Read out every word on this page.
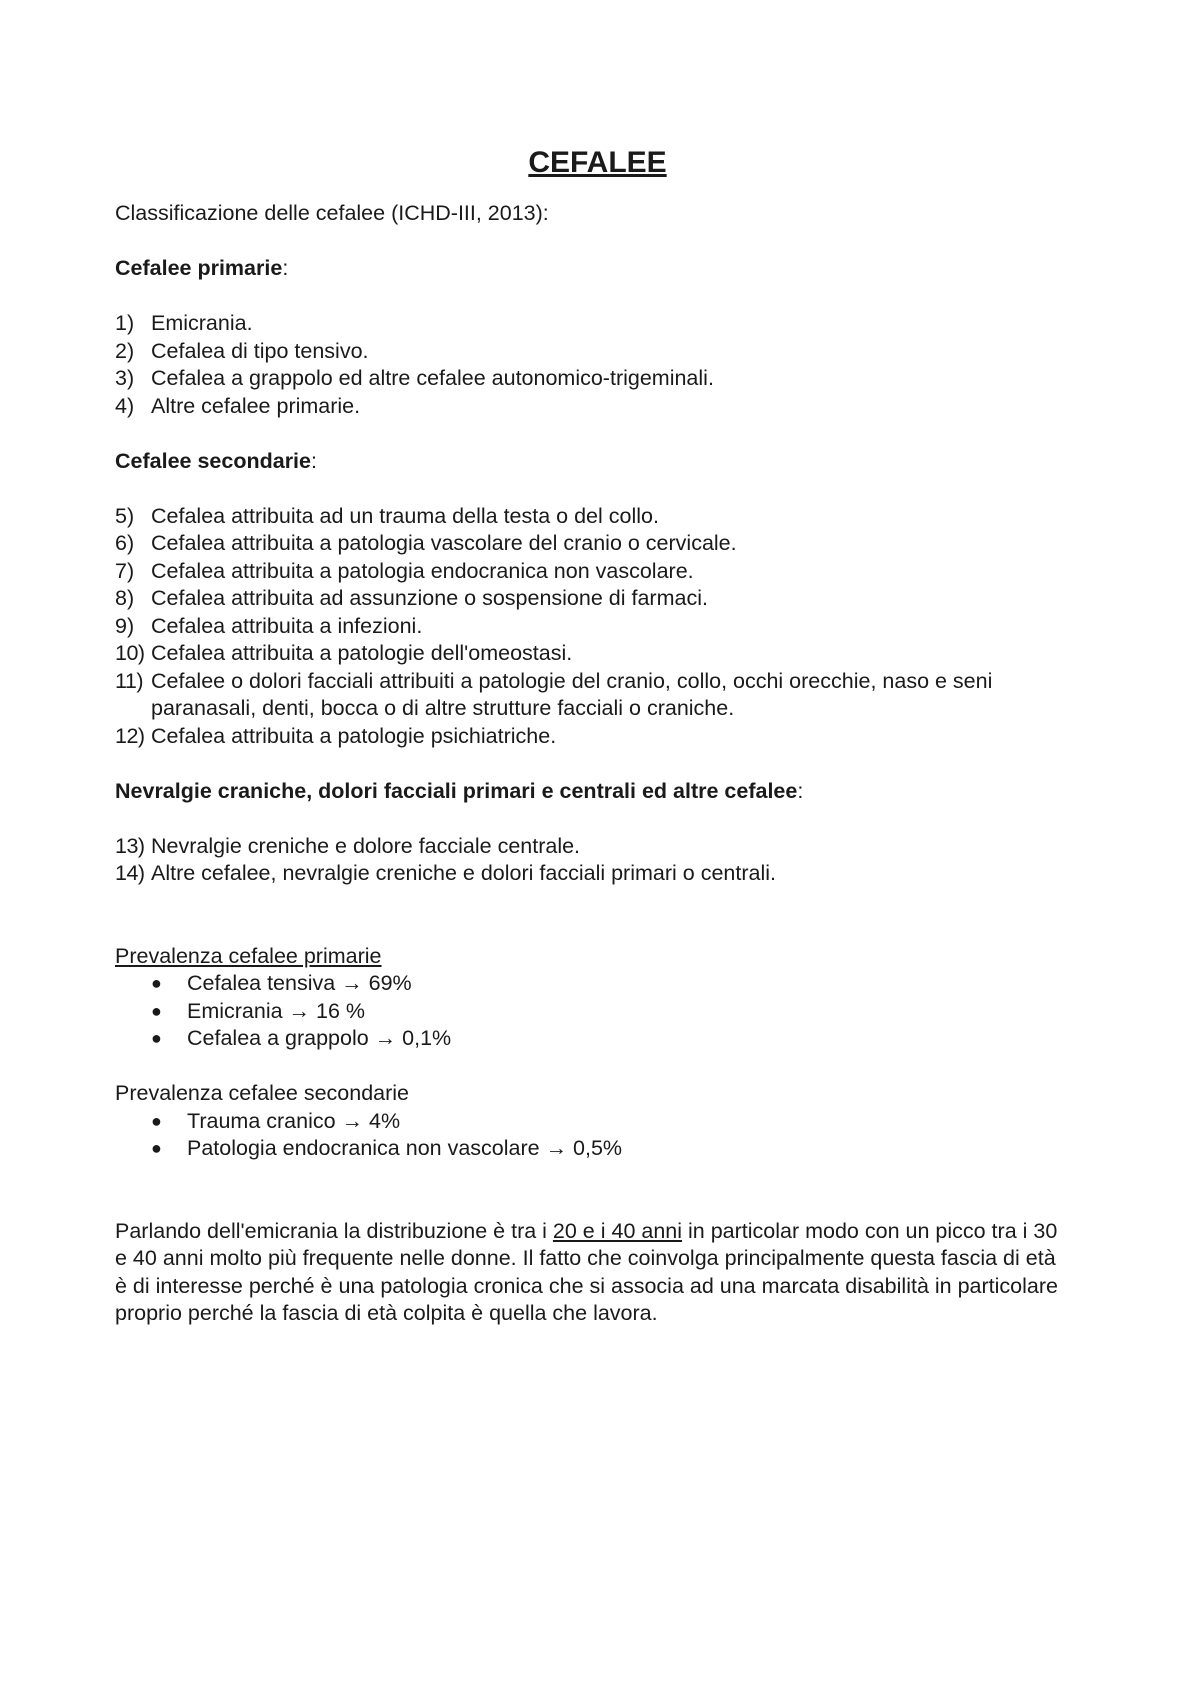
CEFALEE

Classificazione delle cefalee (ICHD-III, 2013):

Cefalee primarie:

1) Emicrania.
2) Cefalea di tipo tensivo.
3) Cefalea a grappolo ed altre cefalee autonomico-trigeminali.
4) Altre cefalee primarie.

Cefalee secondarie:

5) Cefalea attribuita ad un trauma della testa o del collo.
6) Cefalea attribuita a patologia vascolare del cranio o cervicale.
7) Cefalea attribuita a patologia endocranica non vascolare.
8) Cefalea attribuita ad assunzione o sospensione di farmaci.
9) Cefalea attribuita a infezioni.
10) Cefalea attribuita a patologie dell'omeostasi.
11) Cefalee o dolori facciali attribuiti a patologie del cranio, collo, occhi orecchie, naso e seni paranasali, denti, bocca o di altre strutture facciali o craniche.
12) Cefalea attribuita a patologie psichiatriche.

Nevralgie craniche, dolori facciali primari e centrali ed altre cefalee:

13) Nevralgie creniche e dolore facciale centrale.
14) Altre cefalee, nevralgie creniche e dolori facciali primari o centrali.

Prevalenza cefalee primarie

●	Cefalea tensiva → 69%
●	Emicrania → 16 %
●	Cefalea a grappolo → 0,1%

Prevalenza cefalee secondarie

●	Trauma cranico → 4%
●	Patologia endocranica non vascolare → 0,5%

Parlando dell'emicrania la distribuzione è tra i 20 e i 40 anni in particolar modo con un picco tra i 30 e 40 anni molto più frequente nelle donne. Il fatto che coinvolga principalmente questa fascia di età è di interesse perché è una patologia cronica che si associa ad una marcata disabilità in particolare proprio perché la fascia di età colpita è quella che lavora.
